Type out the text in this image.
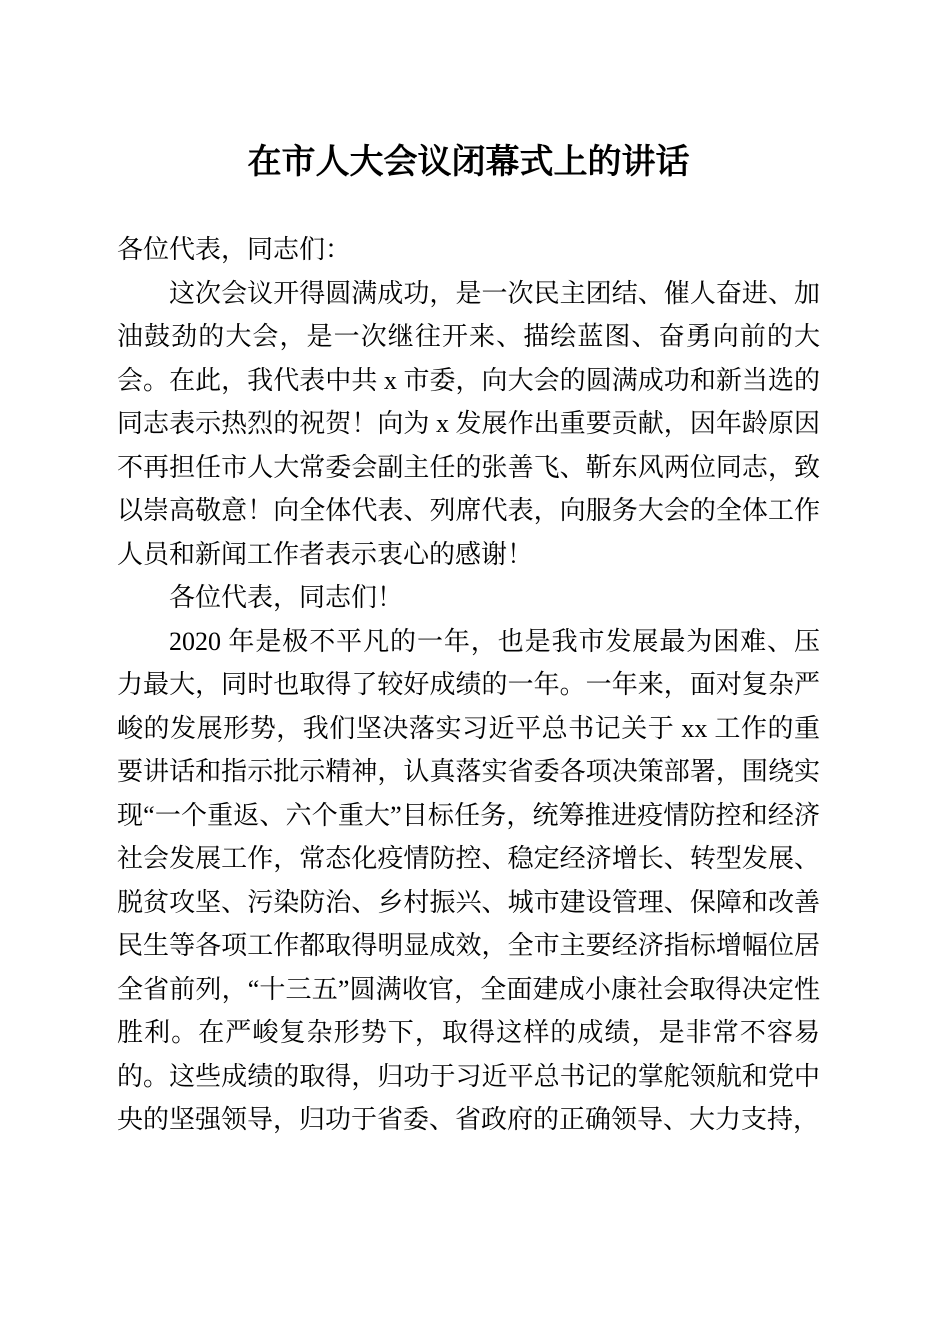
在市人大会议闭幕式上的讲话

各位代表，同志们：

这次会议开得圆满成功，是一次民主团结、催人奋进、加油鼓劲的大会，是一次继往开来、描绘蓝图、奋勇向前的大会。在此，我代表中共 x 市委，向大会的圆满成功和新当选的同志表示热烈的祝贺！向为 x 发展作出重要贡献，因年龄原因不再担任市人大常委会副主任的张善飞、靳东风两位同志，致以崇高敬意！向全体代表、列席代表，向服务大会的全体工作人员和新闻工作者表示衷心的感谢！

各位代表，同志们！

2020 年是极不平凡的一年，也是我市发展最为困难、压力最大，同时也取得了较好成绩的一年。一年来，面对复杂严峻的发展形势，我们坚决落实习近平总书记关于 xx 工作的重要讲话和指示批示精神，认真落实省委各项决策部署，围绕实现“一个重返、六个重大”目标任务，统筹推进疫情防控和经济社会发展工作，常态化疫情防控、稳定经济增长、转型发展、脱贫攻坚、污染防治、乡村振兴、城市建设管理、保障和改善民生等各项工作都取得明显成效，全市主要经济指标增幅位居全省前列，“十三五”圆满收官，全面建成小康社会取得决定性胜利。在严峻复杂形势下，取得这样的成绩，是非常不容易的。这些成绩的取得，归功于习近平总书记的掌舵领航和党中央的坚强领导，归功于省委、省政府的正确领导、大力支持，
